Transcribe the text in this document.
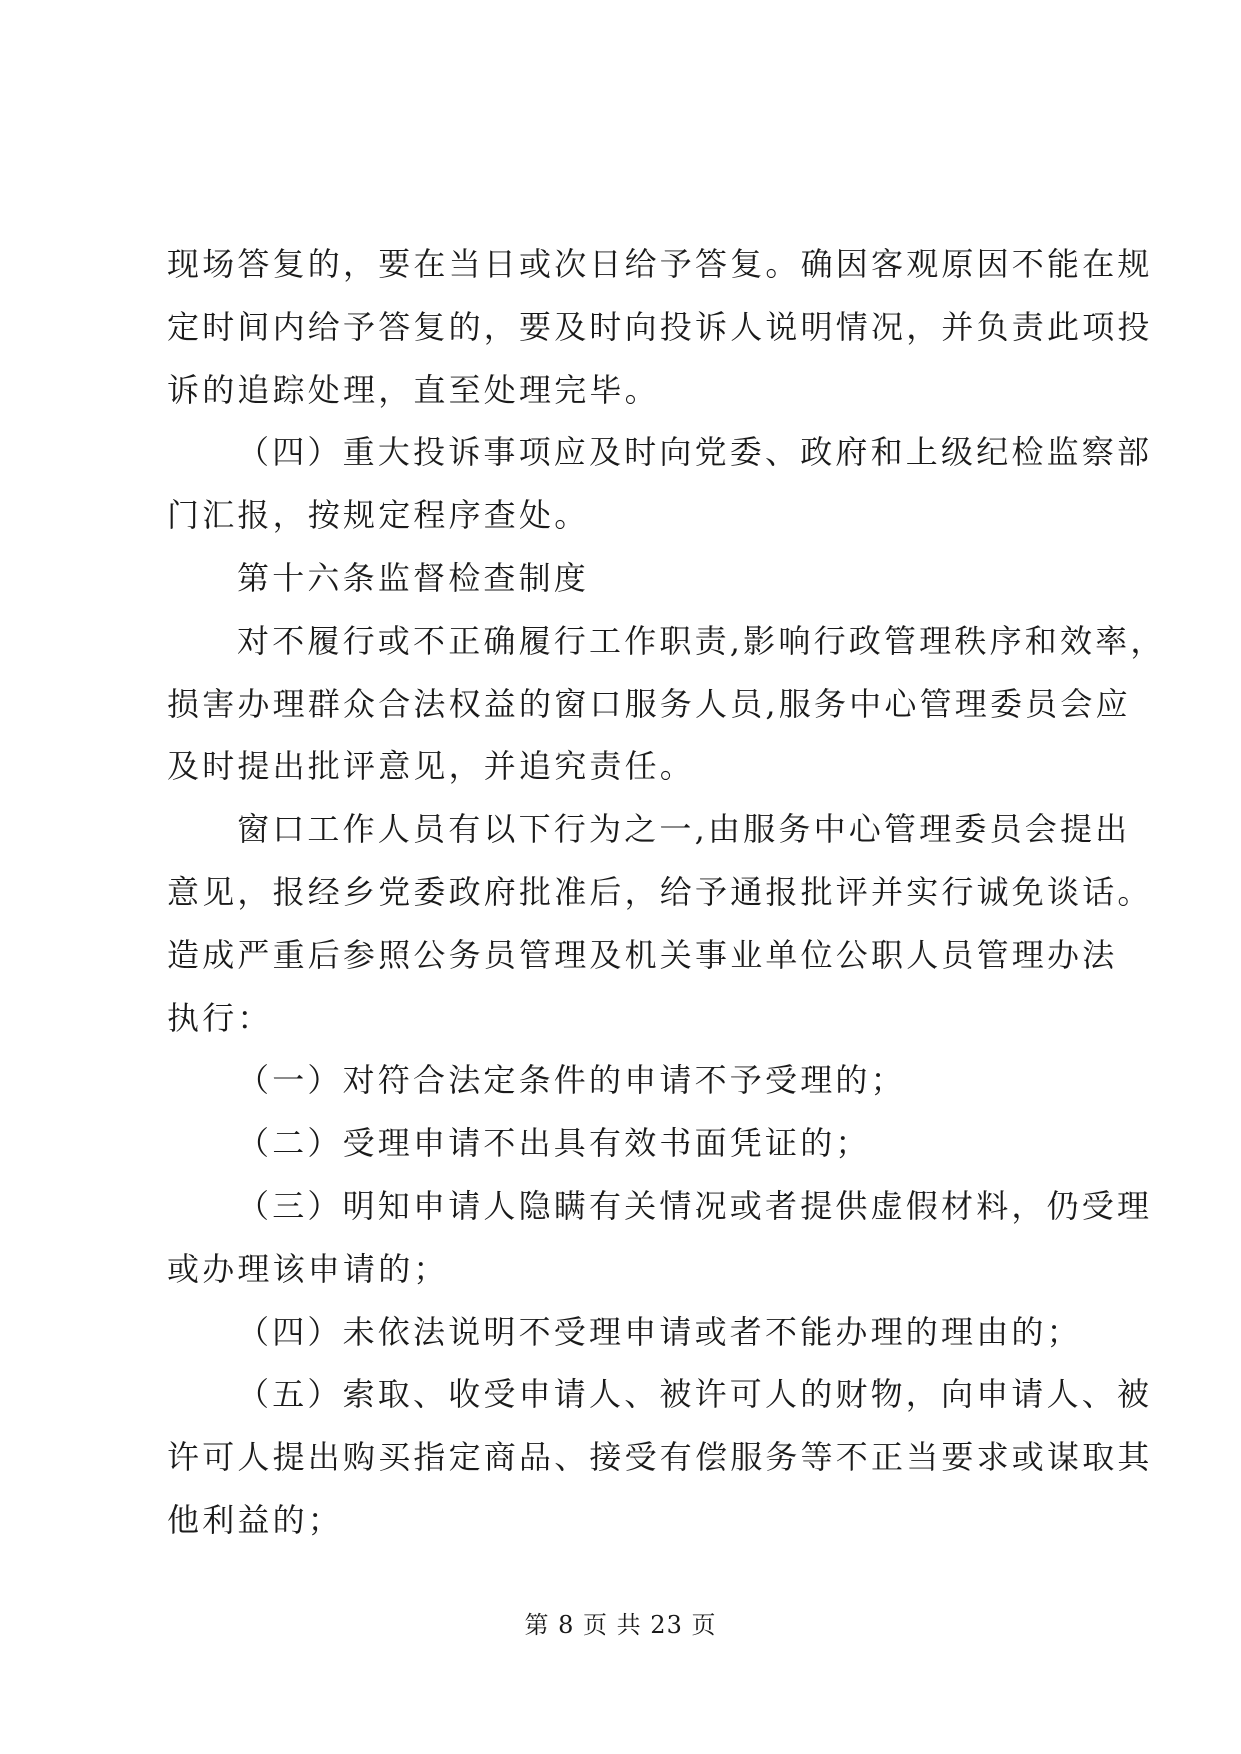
现场答复的，要在当日或次日给予答复。确因客观原因不能在规
定时间内给予答复的，要及时向投诉人说明情况，并负责此项投
诉的追踪处理，直至处理完毕。
（四）重大投诉事项应及时向党委、政府和上级纪检监察部
门汇报，按规定程序查处。
第十六条监督检查制度
对不履行或不正确履行工作职责,影响行政管理秩序和效率，
损害办理群众合法权益的窗口服务人员,服务中心管理委员会应
及时提出批评意见，并追究责任。
窗口工作人员有以下行为之一,由服务中心管理委员会提出
意见，报经乡党委政府批准后，给予通报批评并实行诚免谈话。
造成严重后参照公务员管理及机关事业单位公职人员管理办法
执行：
（一）对符合法定条件的申请不予受理的；
（二）受理申请不出具有效书面凭证的；
（三）明知申请人隐瞒有关情况或者提供虚假材料，仍受理
或办理该申请的；
（四）未依法说明不受理申请或者不能办理的理由的；
（五）索取、收受申请人、被许可人的财物，向申请人、被
许可人提出购买指定商品、接受有偿服务等不正当要求或谋取其
他利益的；
第 8 页 共 23 页
